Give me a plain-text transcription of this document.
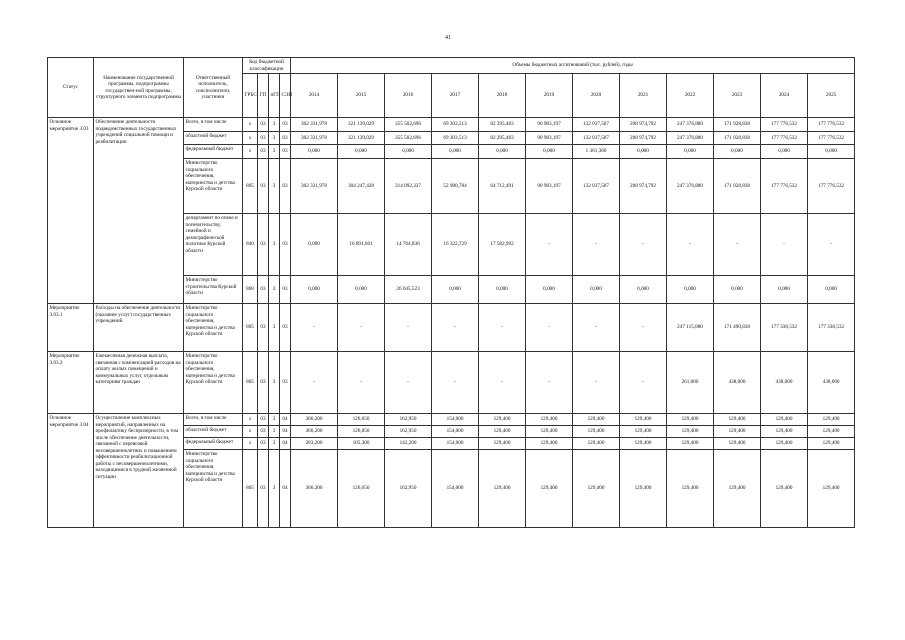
41
Статус	Наименование государственной программы, подпрограммы государствен-ной программы, структурного элемента подпрограммы	Ответственный исполнитель, соисполнители, участники	Код бюджетной классификации				Объемы бюджетных ассигнований (тыс. рублей), годы											
			ГРБС	ГП	пГП	СЭП	2014	2015	2016	2017	2018	2019	2020	2021	2022	2023	2024	2025
Основное мероприятие 3.03	Обеспечение деятельности подведомственных государственных учреждений социальной помощи и реабилитации	Всего, в том числе	x	03	3	03	302 331,978	321 139,029	355 502,696	69 303,513	82 295,483	90 983,197	132 037,507	208 974,792	247 376,880	171 928,838	177 776,532	177 776,532
		областной бюджет	x	03	3	03	302 331,978	321 139,029	355 502,696	69 303,513	82 295,483	90 983,197	132 037,507	208 974,792	247 376,880	171 928,838	177 776,532	177 776,532
		федеральный бюджет	x	03	3	03	0,000	0,000	0,000	0,000	0,000	0,000	1 361,360	0,000	0,000	0,000	0,000	0,000
		Министерство социального обеспечения, материнства и детства Курской области	805	03	3	03	302 331,978	304 247,428	314 092,337	52 980,784	64 712,491	90 983,197	132 037,507	208 974,792	247 376,880	171 928,838	177 776,532	177 776,532
		департамент по опеке и попечительству, семейной и демографической политике Курской области	840	03	3	03	0,000	16 891,601	14 764,836	16 322,729	17 582,992	-	-	-	-	-	-	-
		Министерство строительства Курской области	808	03	3	03	0,000	0,000	26 645,523	0,000	0,000	0,000	0,000	0,000	0,000	0,000	0,000	0,000
Мероприятие 3.03.1	Расходы на обеспечение деятельности (оказание услуг) государственных учреждений	Министерство социального обеспечения, материнства и детства Курской области	805	03	3	03	-	-	-	-	-	-	-	-	247 115,880	171 490,838	177 338,532	177 338,532
Мероприятие 3.03.2	Ежемесячная денежная выплата, связанная с компенсацией расходов на оплату жилых помещений и коммунальных услуг, отдельным категориям граждан	Министерство социального обеспечения, материнства и детства Курской области	805	03	3	03	-	-	-	-	-	-	-	-	261,000	438,000	438,000	438,000
Основное мероприятие 3.04	Осуществление комплексных мероприятий, направленных на профилактику беспризорности, в том числе обеспечение деятельности, связанной с перевозкой несовершеннолетних и повышением эффективности реабилитационной работы с несовершеннолетними, находящимися в трудной жизненной ситуации	Всего, в том числе	x	03	3	04	366,200	126,050	162,950	154,000	129,400	129,400	129,400	129,400	129,400	129,400	129,400	129,400
		областной бюджет	x	03	3	04	366,200	126,050	162,950	154,000	129,400	129,400	129,400	129,400	129,400	129,400	129,400	129,400
		федеральный бюджет	x	03	3	04	283,200	105,300	142,200	154,000	129,400	129,400	129,400	129,400	129,400	129,400	129,400	129,400
		Министерство социального обеспечения, материнства и детства Курской области	805	03	3	04	366,200	126,050	162,950	154,000	129,400	129,400	129,400	129,400	129,400	129,400	129,400	129,400
